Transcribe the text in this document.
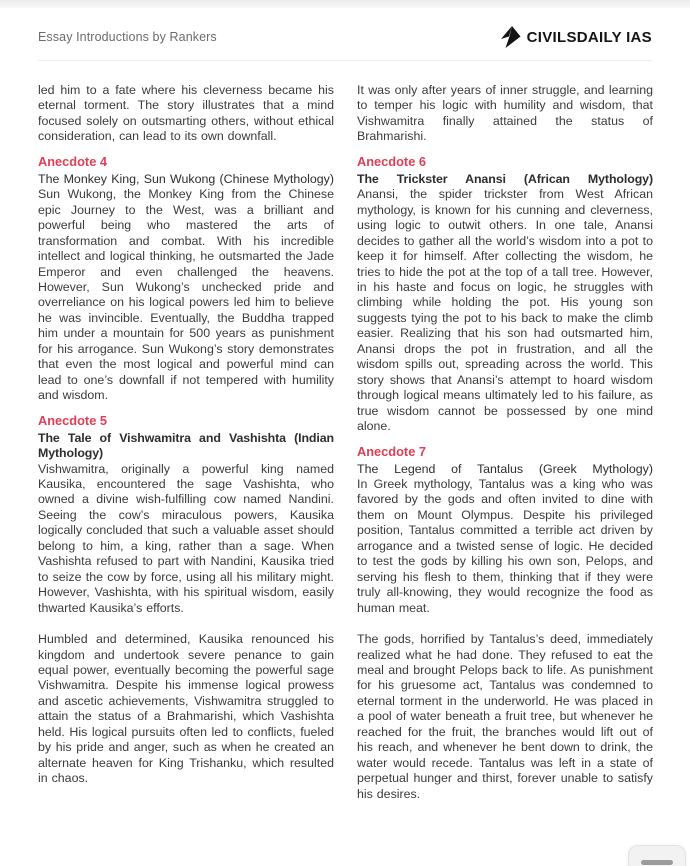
Essay Introductions by Rankers	CIVILSDAILY IAS
led him to a fate where his cleverness became his eternal torment. The story illustrates that a mind focused solely on outsmarting others, without ethical consideration, can lead to its own downfall.
Anecdote 4
The Monkey King, Sun Wukong (Chinese Mythology)
Sun Wukong, the Monkey King from the Chinese epic Journey to the West, was a brilliant and powerful being who mastered the arts of transformation and combat. With his incredible intellect and logical thinking, he outsmarted the Jade Emperor and even challenged the heavens. However, Sun Wukong’s unchecked pride and overreliance on his logical powers led him to believe he was invincible. Eventually, the Buddha trapped him under a mountain for 500 years as punishment for his arrogance. Sun Wukong’s story demonstrates that even the most logical and powerful mind can lead to one’s downfall if not tempered with humility and wisdom.
Anecdote 5
The Tale of Vishwamitra and Vashishta (Indian Mythology)
Vishwamitra, originally a powerful king named Kausika, encountered the sage Vashishta, who owned a divine wish-fulfilling cow named Nandini. Seeing the cow’s miraculous powers, Kausika logically concluded that such a valuable asset should belong to him, a king, rather than a sage. When Vashishta refused to part with Nandini, Kausika tried to seize the cow by force, using all his military might. However, Vashishta, with his spiritual wisdom, easily thwarted Kausika’s efforts.
Humbled and determined, Kausika renounced his kingdom and undertook severe penance to gain equal power, eventually becoming the powerful sage Vishwamitra. Despite his immense logical prowess and ascetic achievements, Vishwamitra struggled to attain the status of a Brahmarishi, which Vashishta held. His logical pursuits often led to conflicts, fueled by his pride and anger, such as when he created an alternate heaven for King Trishanku, which resulted in chaos.
It was only after years of inner struggle, and learning to temper his logic with humility and wisdom, that Vishwamitra finally attained the status of Brahmarishi.
Anecdote 6
The Trickster Anansi (African Mythology)
Anansi, the spider trickster from West African mythology, is known for his cunning and cleverness, using logic to outwit others. In one tale, Anansi decides to gather all the world’s wisdom into a pot to keep it for himself. After collecting the wisdom, he tries to hide the pot at the top of a tall tree. However, in his haste and focus on logic, he struggles with climbing while holding the pot. His young son suggests tying the pot to his back to make the climb easier. Realizing that his son had outsmarted him, Anansi drops the pot in frustration, and all the wisdom spills out, spreading across the world. This story shows that Anansi’s attempt to hoard wisdom through logical means ultimately led to his failure, as true wisdom cannot be possessed by one mind alone.
Anecdote 7
The Legend of Tantalus (Greek Mythology)
In Greek mythology, Tantalus was a king who was favored by the gods and often invited to dine with them on Mount Olympus. Despite his privileged position, Tantalus committed a terrible act driven by arrogance and a twisted sense of logic. He decided to test the gods by killing his own son, Pelops, and serving his flesh to them, thinking that if they were truly all-knowing, they would recognize the food as human meat.
The gods, horrified by Tantalus’s deed, immediately realized what he had done. They refused to eat the meal and brought Pelops back to life. As punishment for his gruesome act, Tantalus was condemned to eternal torment in the underworld. He was placed in a pool of water beneath a fruit tree, but whenever he reached for the fruit, the branches would lift out of his reach, and whenever he bent down to drink, the water would recede. Tantalus was left in a state of perpetual hunger and thirst, forever unable to satisfy his desires.
